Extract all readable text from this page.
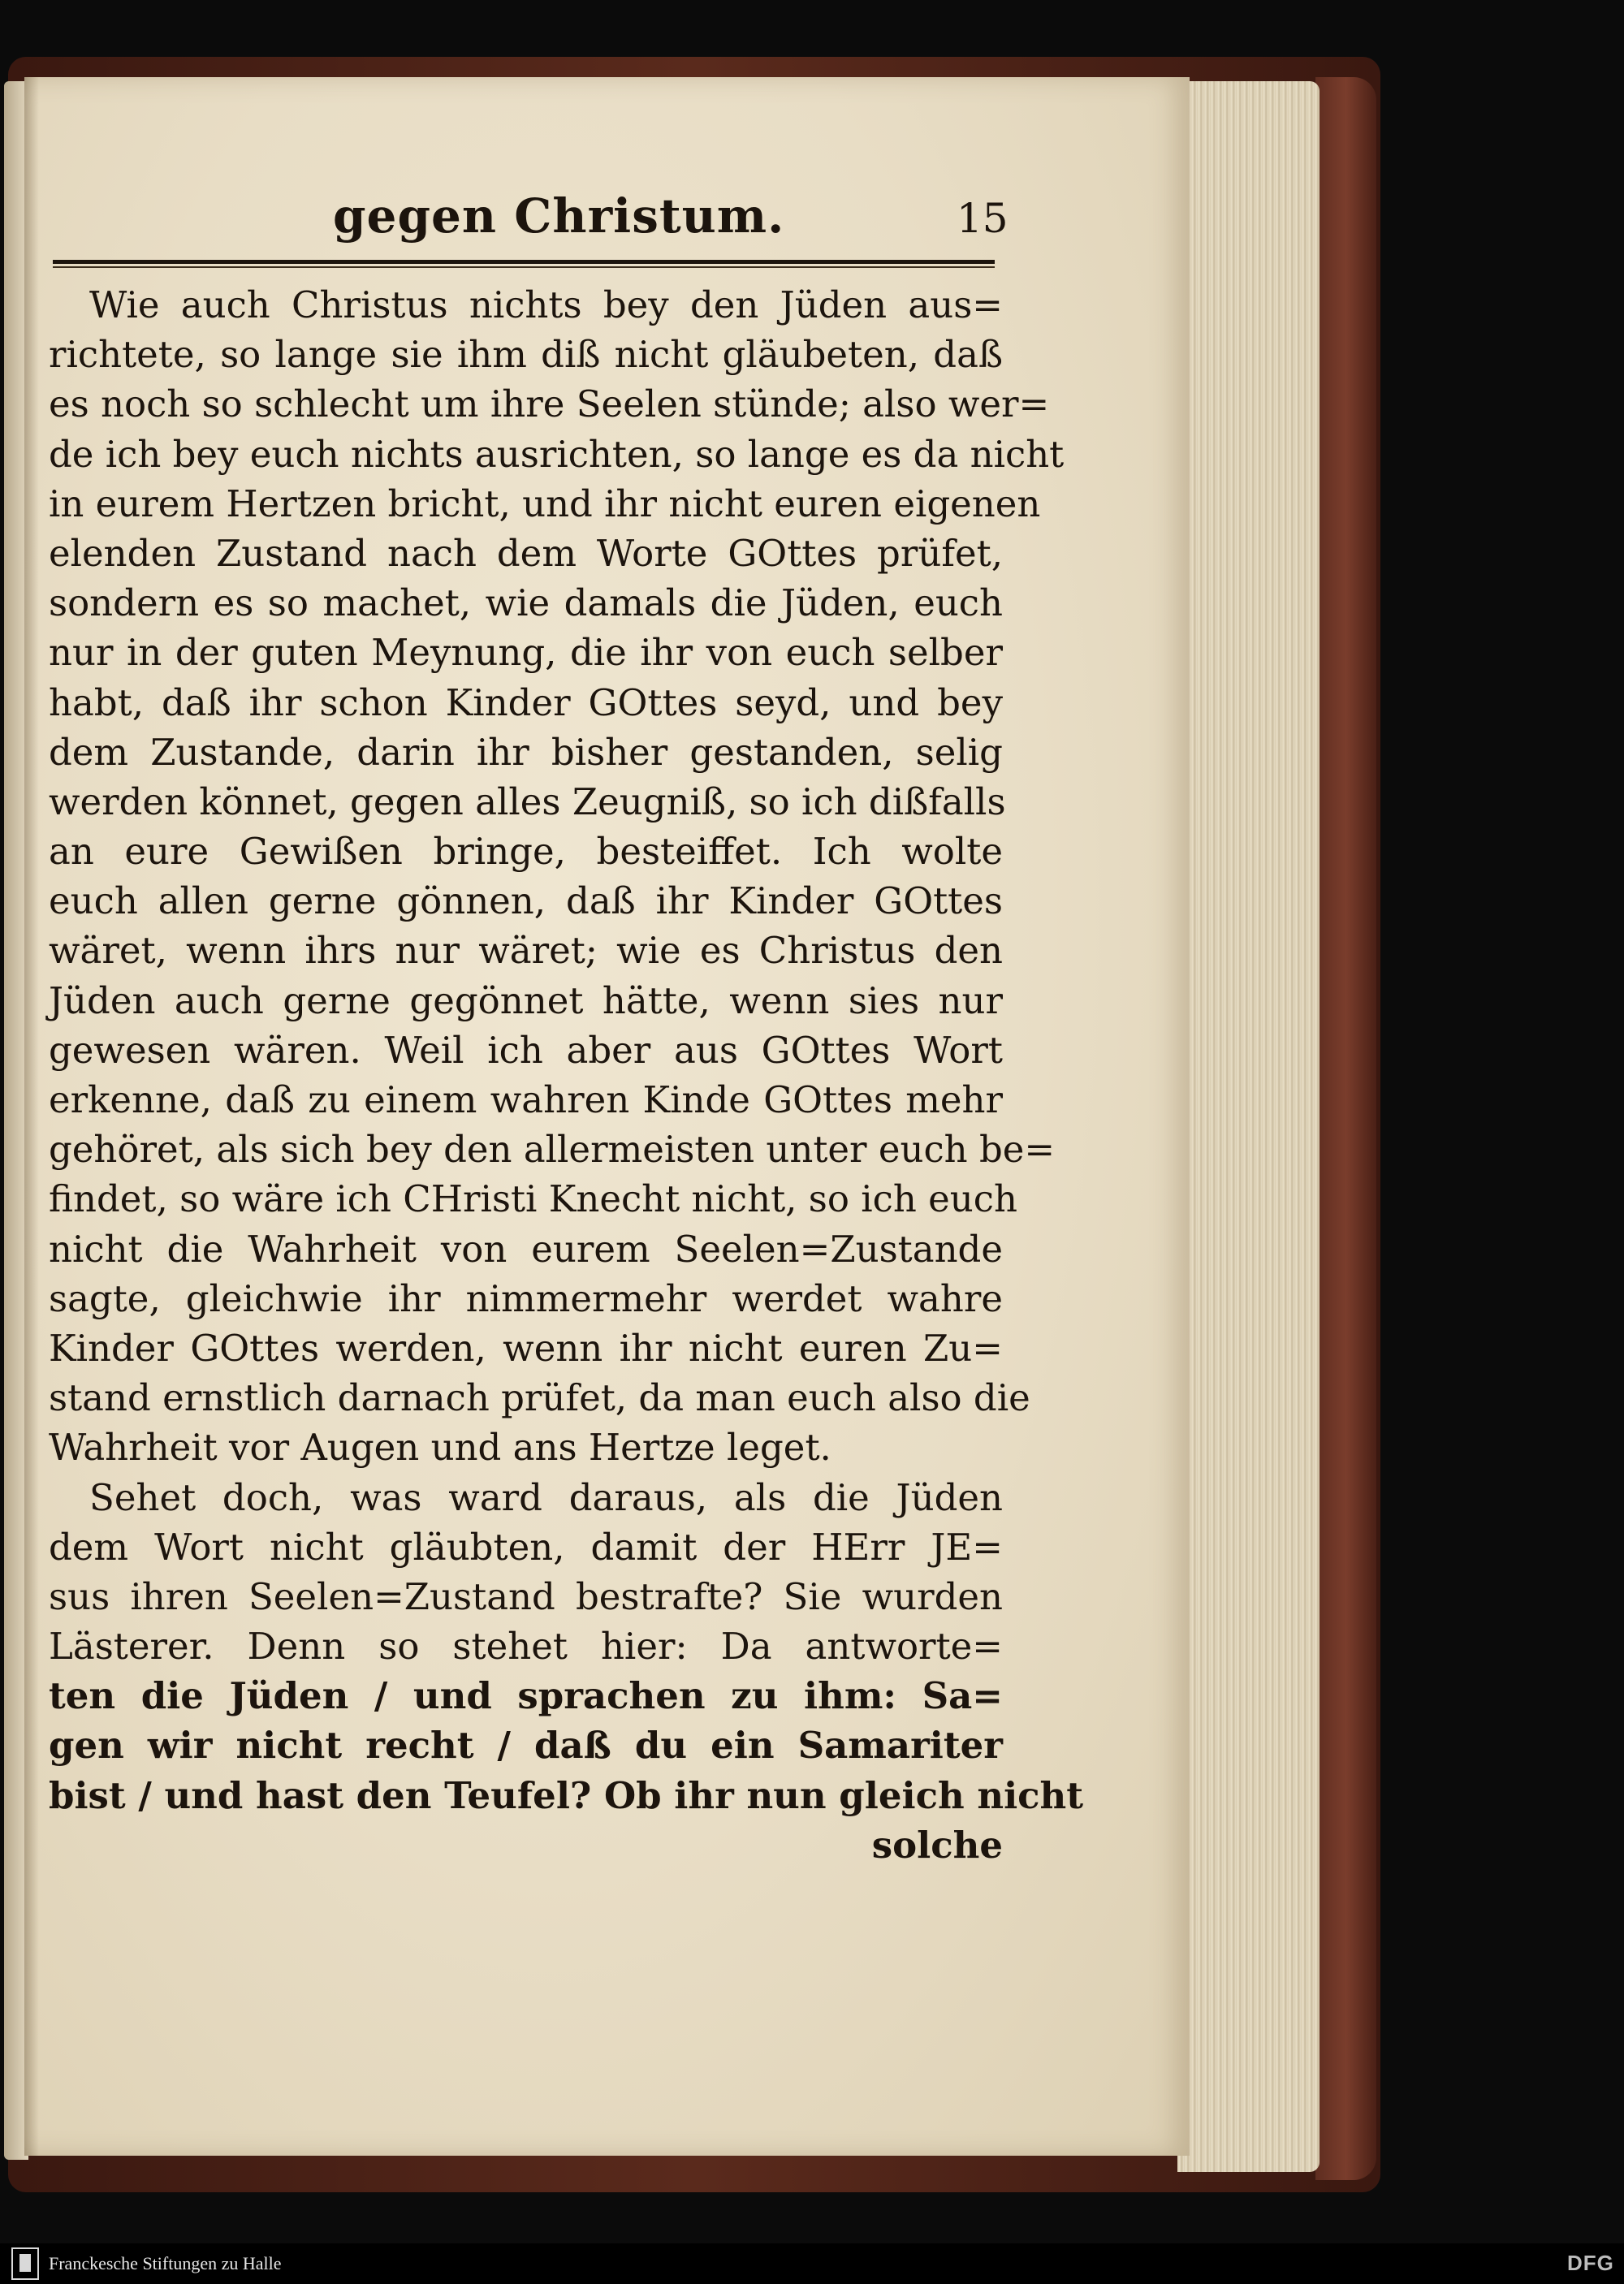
gegen Christum.	15
Wie auch Christus nichts bey den Jüden aus=
richtete, so lange sie ihm diß nicht gläubeten, daß
es noch so schlecht um ihre Seelen stünde; also wer=
de ich bey euch nichts ausrichten, so lange es da nicht
in eurem Hertzen bricht, und ihr nicht euren eigenen
elenden Zustand nach dem Worte GOttes prüfet,
sondern es so machet, wie damals die Jüden, euch
nur in der guten Meynung, die ihr von euch selber
habt, daß ihr schon Kinder GOttes seyd, und bey
dem Zustande, darin ihr bisher gestanden, selig
werden könnet, gegen alles Zeugniß, so ich dißfalls
an eure Gewißen bringe, besteiffet. Ich wolte
euch allen gerne gönnen, daß ihr Kinder GOttes
wäret, wenn ihrs nur wäret; wie es Christus den
Jüden auch gerne gegönnet hätte, wenn sies nur
gewesen wären. Weil ich aber aus GOttes Wort
erkenne, daß zu einem wahren Kinde GOttes mehr
gehöret, als sich bey den allermeisten unter euch be=
findet, so wäre ich CHristi Knecht nicht, so ich euch
nicht die Wahrheit von eurem Seelen=Zustande
sagte, gleichwie ihr nimmermehr werdet wahre
Kinder GOttes werden, wenn ihr nicht euren Zu=
stand ernstlich darnach prüfet, da man euch also die
Wahrheit vor Augen und ans Hertze leget.
Sehet doch, was ward daraus, als die Jüden
dem Wort nicht gläubten, damit der HErr JE=
sus ihren Seelen=Zustand bestrafte? Sie wurden
Lästerer. Denn so stehet hier: Da antworte=
ten die Jüden / und sprachen zu ihm: Sa=
gen wir nicht recht / daß du ein Samariter
bist / und hast den Teufel? Ob ihr nun gleich nicht
solche
Franckesche Stiftungen zu Halle	DFG
